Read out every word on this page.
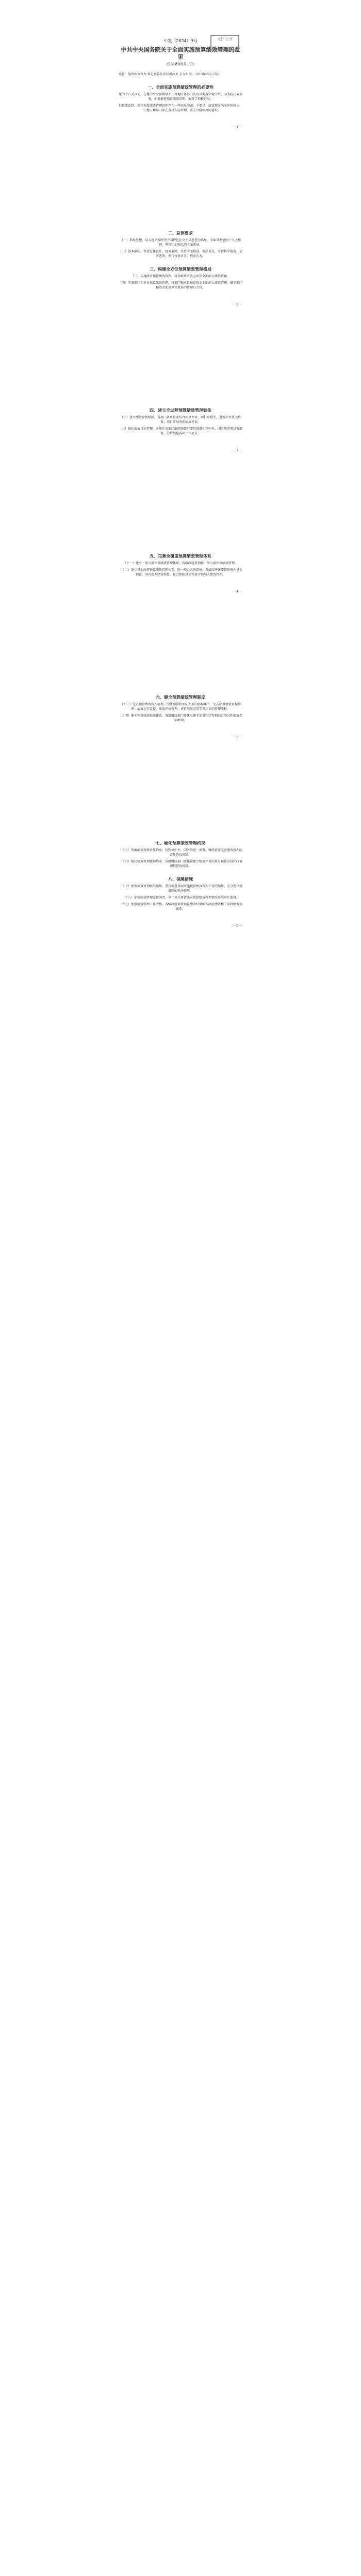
文件 公开
中发〔2024〕9号
中共中央国务院关于全面实施预算绩效管理的意见
（2018年9月1日）
预算：加强绩效管理 推进预算管理制度改革 发布时间：2018年09月25日
一、全面实施预算绩效管理的必要性
党的十八大以来，在党中央坚强领导下，各地区各部门认真贯彻落实党中央、国务院决策部署，积极推进预算绩效管理，取得了积极进展。
但也要看到，现行预算绩效管理仍然存在一些突出问题，主要是：绩效理念尚未牢固树立，一些地方和部门存在重投入轻管理、重支出轻绩效的意识。
－ 1 －
二、总体要求
（一）指导思想。以习近平新时代中国特色社会主义思想为指导，全面贯彻党的十九大精神，坚持和加强党的全面领导。
（二）基本原则。坚持总体设计、统筹兼顾，坚持全面推进、突出重点，坚持科学规范、公开透明，坚持权责对等、约束有力。
三、构建全方位预算绩效管理格局
（三）实施政府预算绩效管理。将各级政府收支预算全面纳入绩效管理。
（四）实施部门和单位预算绩效管理。将部门和单位预算收支全面纳入绩效管理，赋予部门和资金使用单位更多的管理自主权。
－ 2 －
四、建立全过程预算绩效管理链条
（六）建立绩效评估机制。各部门各单位要结合预算评审、项目审批等，对新出台重大政策、项目开展事前绩效评估。
（七）强化绩效目标管理。各地区各部门编制预算时要贯彻落实党中央、国务院各项决策部署，分解细化各项工作要求。
－ 3 －
五、完善全覆盖预算绩效管理体系
（十一）建立一般公共预算绩效管理体系。各级政府要加强一般公共预算绩效管理。
（十二）建立其他政府预算绩效管理体系。除一般公共预算外，各级政府还要将政府性基金预算、国有资本经营预算、社会保险基金预算全部纳入绩效管理。
－ 4 －
六、健全预算绩效管理制度
（十三）完善预算绩效管理流程。围绕预算管理的主要内容和环节，完善涵盖绩效目标管理、绩效运行监控、绩效评价管理、评价结果应用等各环节的管理流程。
（十四）健全预算绩效标准体系。各级财政部门要建立健全定量和定性相结合的共性绩效指标框架。
－ 5 －
七、硬化预算绩效管理约束
（十五）明确绩效管理责任约束。按照党中央、国务院统一部署，财政部要完善绩效管理的责任约束机制。
（十六）强化绩效管理激励约束。各级财政部门要抓紧建立绩效评价结果与预算安排和政策调整挂钩机制。
八、保障措施
（十七）加强绩效管理组织领导。坚持党对全面实施预算绩效管理工作的领导，充分发挥党组织的领导作用。
（十八）加强绩效管理监督问责。审计机关要依法对预算绩效管理情况开展审计监督。
（十九）加强绩效管理工作考核。各级政府要将预算绩效结果纳入政府绩效和干部政绩考核体系。
－ 6 －
